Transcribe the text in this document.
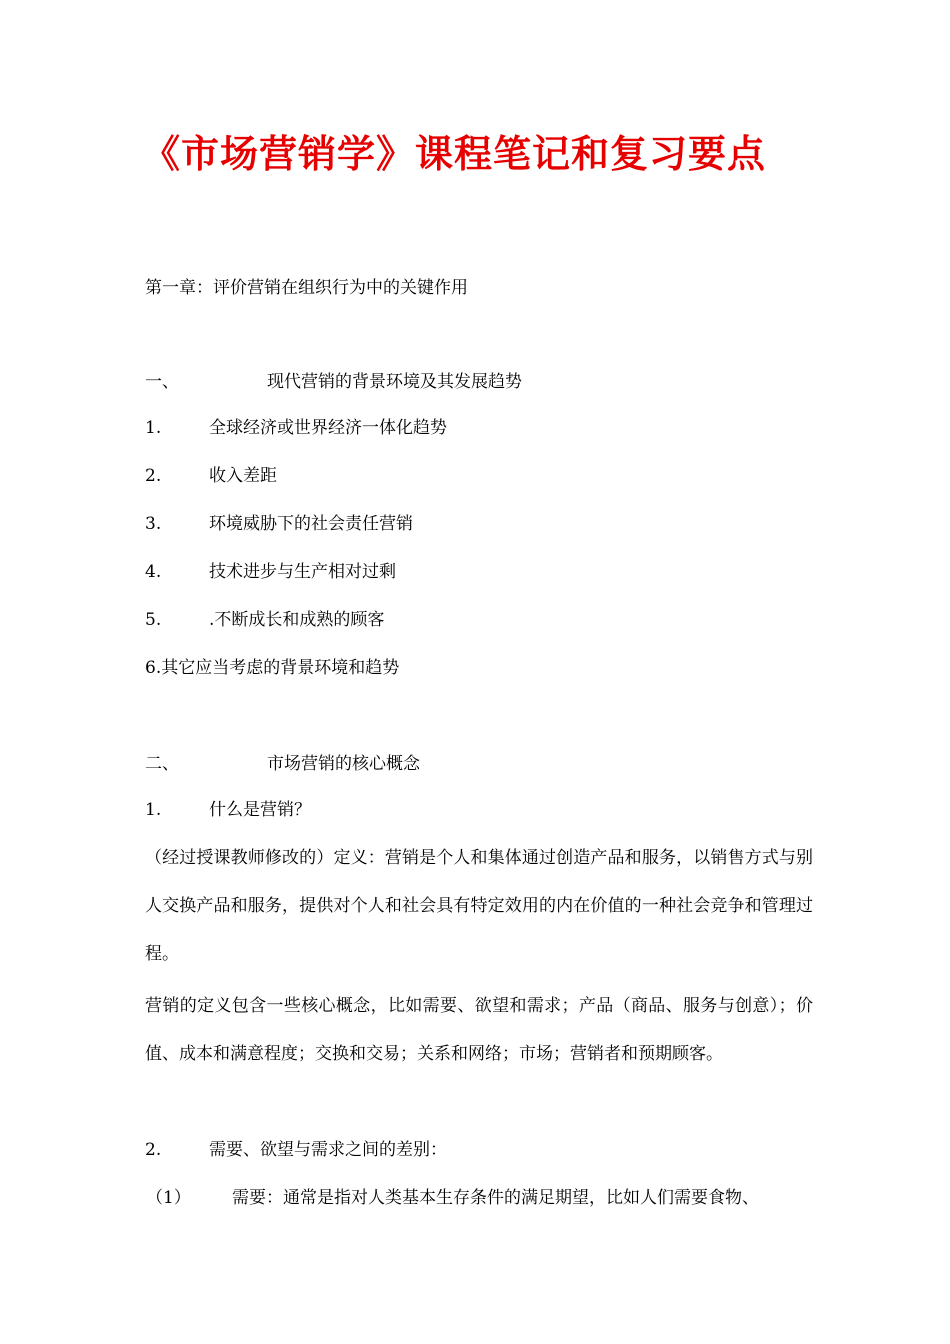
《市场营销学》课程笔记和复习要点
第一章：评价营销在组织行为中的关键作用
一、	现代营销的背景环境及其发展趋势
1.	全球经济或世界经济一体化趋势
2.	收入差距
3.	环境威胁下的社会责任营销
4.	技术进步与生产相对过剩
5.	.不断成长和成熟的顾客
6.其它应当考虑的背景环境和趋势
二、	市场营销的核心概念
1.	什么是营销？
（经过授课教师修改的）定义：营销是个人和集体通过创造产品和服务，以销售方式与别人交换产品和服务，提供对个人和社会具有特定效用的内在价值的一种社会竞争和管理过程。
营销的定义包含一些核心概念，比如需要、欲望和需求；产品（商品、服务与创意）；价值、成本和满意程度；交换和交易；关系和网络；市场；营销者和预期顾客。
2.	需要、欲望与需求之间的差别：
（1） 需要：通常是指对人类基本生存条件的满足期望，比如人们需要食物、
